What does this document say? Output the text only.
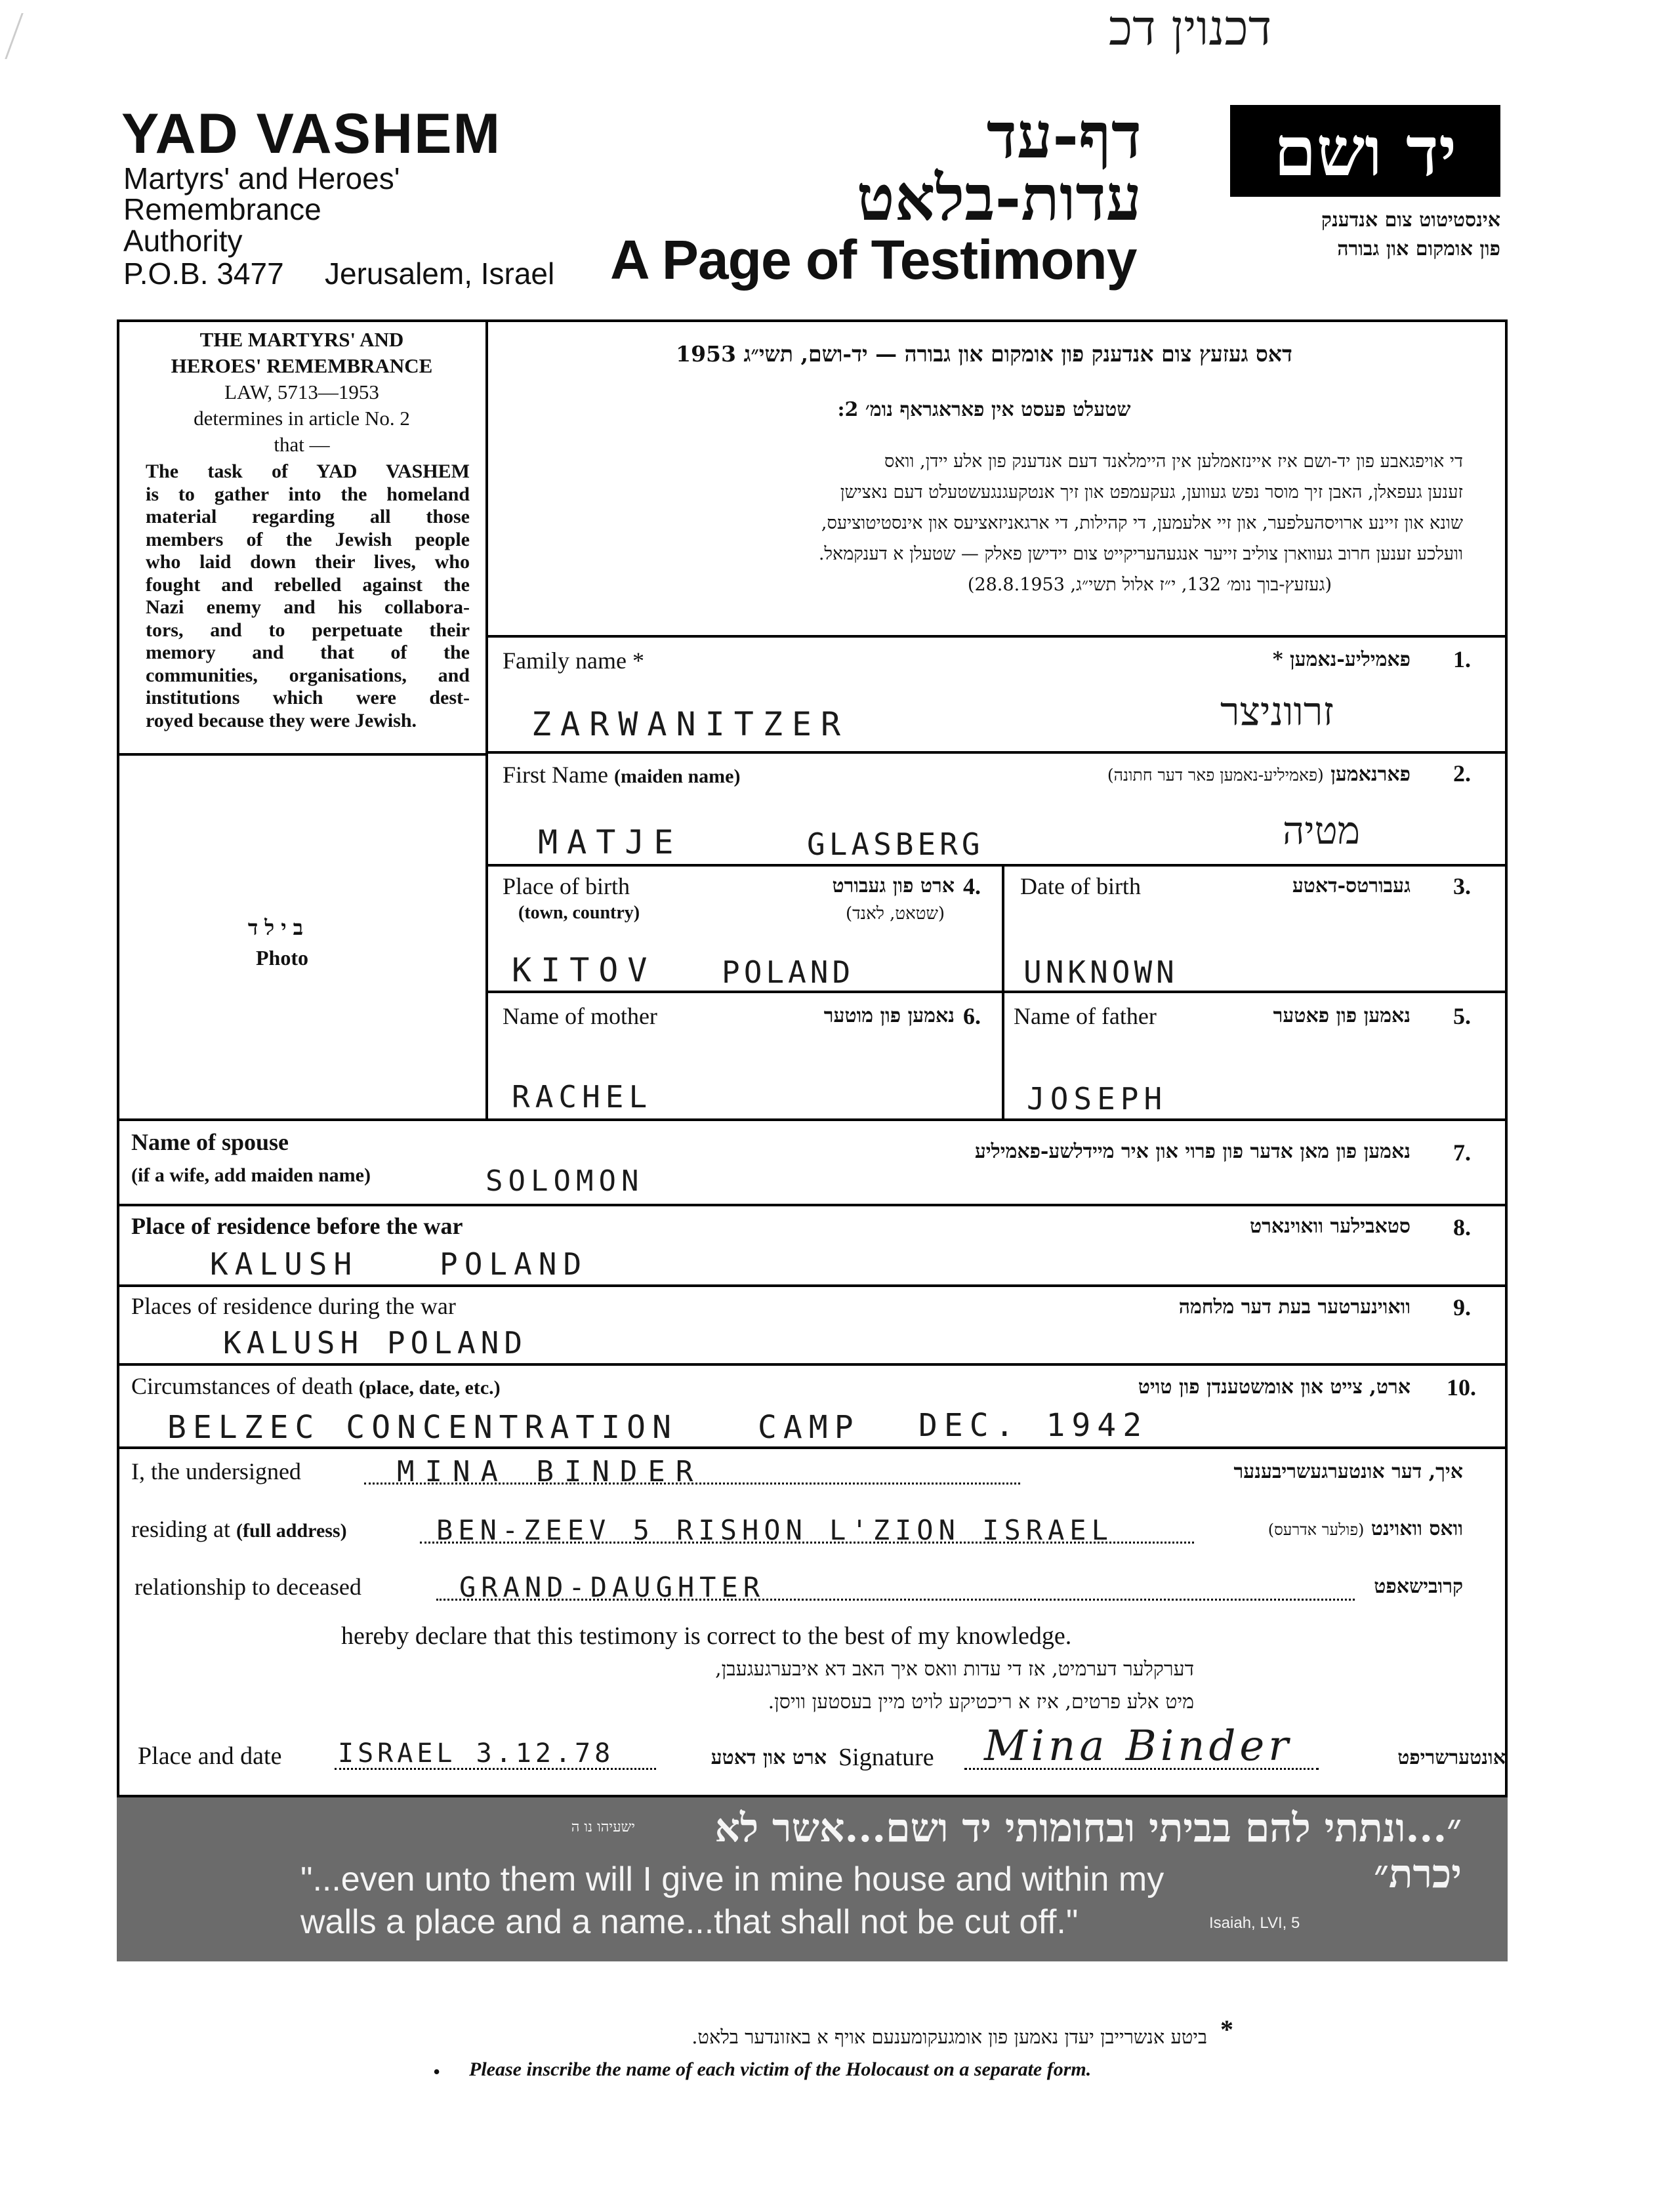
דכנוין דכ
YAD VASHEM
Martyrs' and Heroes'
Remembrance
Authority
P.O.B. 3477 Jerusalem, Israel
דף-עד
עדות-בלאט
A Page of Testimony
יד ושם
אינסטיטוט צום אנדענק
פון אומקום און גבורה
THE MARTYRS' AND
HEROES' REMEMBRANCE
LAW, 5713—1953
determines in article No. 2
that —
The task of YAD VASHEM
is to gather into the homeland
material regarding all those
members of the Jewish people
who laid down their lives, who
fought and rebelled against the
Nazi enemy and his collabora-
tors, and to perpetuate their
memory and that of the
communities, organisations, and
institutions which were dest-
royed because they were Jewish.
בילד
Photo
דאס געזעץ צום אנדענק פון אומקום און גבורה — יד-ושם, תשי״ג 1953
שטעלט פעסט אין פאראגראף נומ׳ 2:
די אויפגאבע פון יד-ושם איז איינזאמלען אין היימלאנד דעם אנדענק פון אלע יידן, וואס
זענען געפאלן, האבן זיך מוסר נפש געווען, געקעמפט און זיך אנטקעגנגעשטעלט דעם נאצישן
שונא און זיינע ארויסהעלפער, און זיי אלעמען, די קהילות, די ארגאניזאציעס און אינסטיטוציעס,
וועלכע זענען חרוב געווארן צוליב זייער אנגעהעריקייט צום יידישן פאלק — שטעלן א דענקמאל.
(געזעץ-בוך נומ׳ 132, י״ז אלול תשי״ג, 28.8.1953)
Family name *	פאמיליע-נאמען * 1.
ZARWANITZER	זרווניצר
First Name (maiden name)	פארנאמען (פאמיליע-נאמען פאר דער חתונה)	2.
MATJE	GLASBERG	מטיה
Place of birth
(town, country)
ארט פון געבורט
(שטאט, לאנד)
4.
KITOV POLAND
Date of birth	געבורטס-דאטע 3.
UNKNOWN
Name of mother	נאמען פון מוטער 6.
RACHEL
Name of father	נאמען פון פאטער 5.
JOSEPH
Name of spouse
(if a wife, add maiden name)
נאמען פון מאן אדער פון פרוי און איר מיידלשע-פאמיליע 7.
SOLOMON
Place of residence before the war	סטאבילער וואוינארט 8.
KALUSH	POLAND
Places of residence during the war	וואוינערטער בעת דער מלחמה 9.
KALUSH POLAND
Circumstances of death (place, date, etc.)	ארט, צייט און אומשטענדן פון טויט 10.
BELZEC CONCENTRATION	CAMP DEC. 1942
I, the undersigned	MINA BINDER	איך, דער אונטערגעשריבענער
residing at (full address)	BEN-ZEEV 5 RISHON L'ZION ISRAEL	וואס וואוינט (פולער אדרעס)
relationship to deceased	GRAND-DAUGHTER	קרובישאפט
hereby declare that this testimony is correct to the best of my knowledge.
דערקלער דערמיט, אז די עדות וואס איך האב דא איבערגעגעבן,
מיט אלע פרטים, איז א ריכטיקע לויט מיין בעסטען וויסן.
Place and date ISRAEL 3.12.78	ארט און דאטע Signature Mina Binder	אונטערשריפט
״...ונתתי להם בביתי ובחומותי יד ושם...אשר לא יכרת״
ישעיהו נו ה
"...even unto them will I give in mine house and within my
walls a place and a name...that shall not be cut off."	Isaiah, LVI, 5
*
ביטע אנשרייבן יעדן נאמען פון אומגעקומענעם אויף א באזונדער בלאט.
• Please inscribe the name of each victim of the Holocaust on a separate form.
